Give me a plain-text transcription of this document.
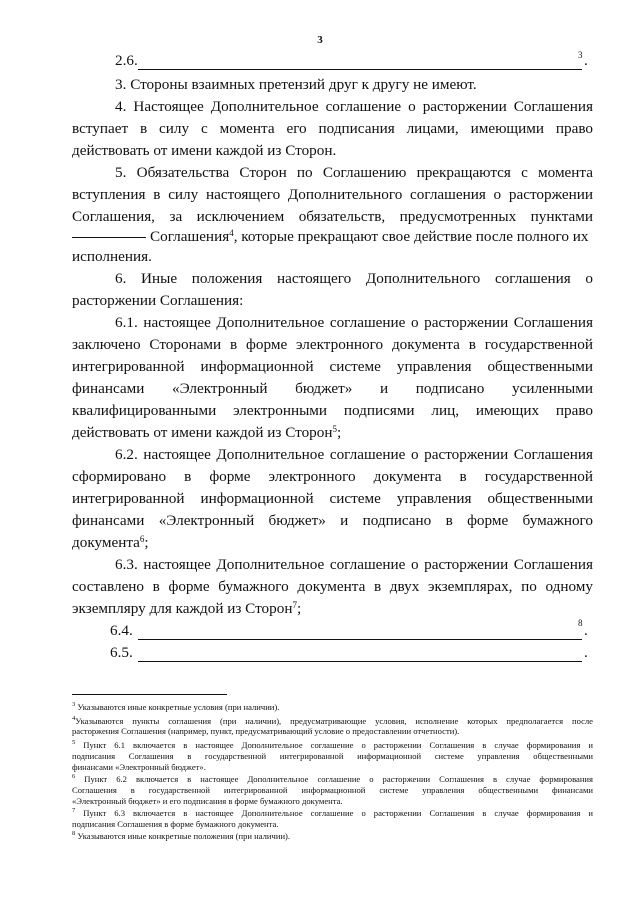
3
2.6.	3 .
3. Стороны взаимных претензий друг к другу не имеют.
4. Настоящее Дополнительное соглашение о расторжении Соглашения
вступает в силу с момента его подписания лицами, имеющими право
действовать от имени каждой из Сторон.
5. Обязательства Сторон по Соглашению прекращаются с момента
вступления в силу настоящего Дополнительного соглашения о расторжении
Соглашения, за исключением обязательств, предусмотренных пунктами
Соглашения$^4$, которые прекращают свое действие после полного их
исполнения.
6. Иные положения настоящего Дополнительного соглашения о
расторжении Соглашения:
6.1. настоящее Дополнительное соглашение о расторжении Соглашения
заключено Сторонами в форме электронного документа в государственной
интегрированной информационной системе управления общественными
финансами «Электронный бюджет» и подписано усиленными
квалифицированными электронными подписями лиц, имеющих право
действовать от имени каждой из Сторон$^5$;
6.2. настоящее Дополнительное соглашение о расторжении Соглашения
сформировано в форме электронного документа в государственной
интегрированной информационной системе управления общественными
финансами «Электронный бюджет» и подписано в форме бумажного
документа$^6$;
6.3. настоящее Дополнительное соглашение о расторжении Соглашения
составлено в форме бумажного документа в двух экземплярах, по одному
экземпляру для каждой из Сторон$^7$;
6.4.	8 .
6.5.	.
$^3$ Указываются иные конкретные условия (при наличии).
$^4$Указываются пункты соглашения (при наличии), предусматривающие условия, исполнение которых предполагается после
расторжения Соглашения (например, пункт, предусматривающий условие о предоставлении отчетности).
$^5$ Пункт 6.1 включается в настоящее Дополнительное соглашение о расторжении Соглашения в случае формирования и
подписания Соглашения в государственной интегрированной информационной системе управления общественными
финансами «Электронный бюджет».
$^6$ Пункт 6.2 включается в настоящее Дополнительное соглашение о расторжении Соглашения в случае формирования
Соглашения в государственной интегрированной информационной системе управления общественными финансами
«Электронный бюджет» и его подписания в форме бумажного документа.
$^7$ Пункт 6.3 включается в настоящее Дополнительное соглашение о расторжении Соглашения в случае формирования и
подписания Соглашения в форме бумажного документа.
$^8$ Указываются иные конкретные положения (при наличии).
